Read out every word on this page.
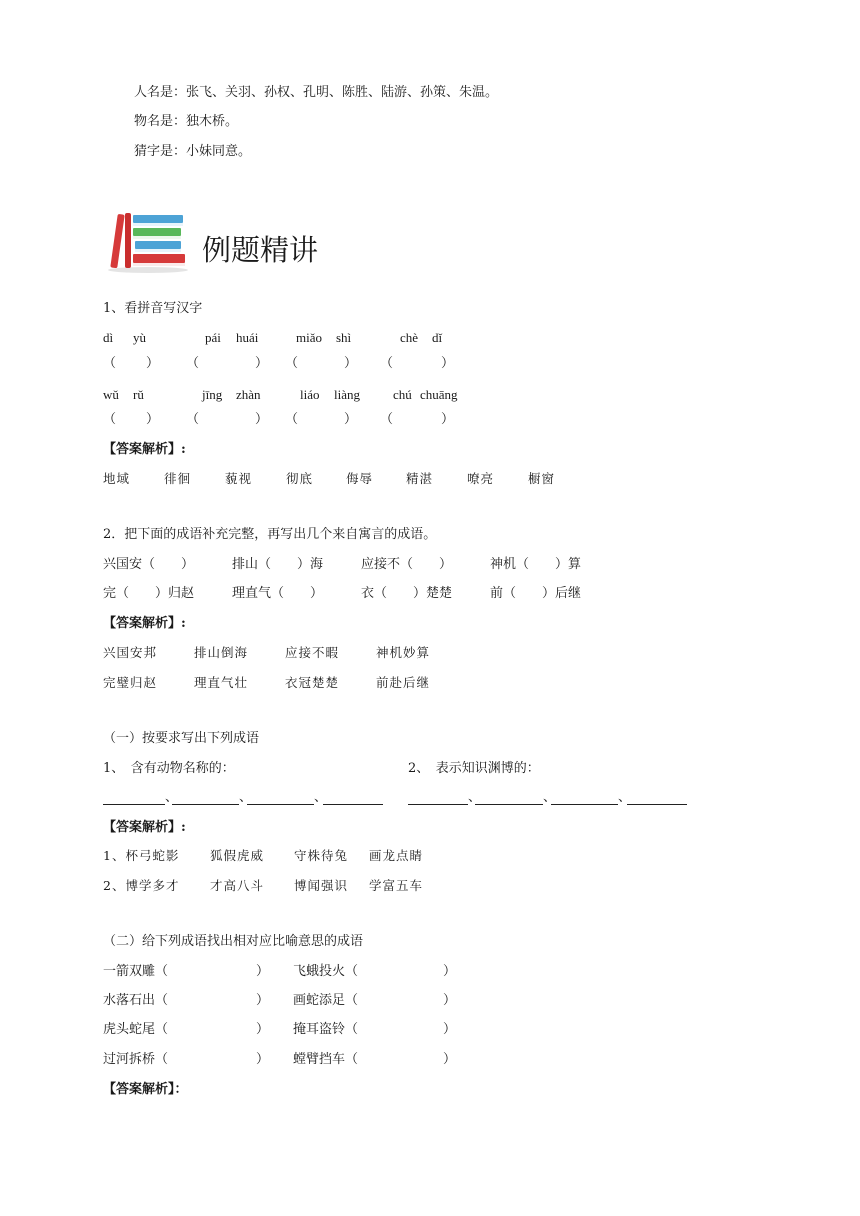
人名是：张飞、关羽、孙权、孔明、陈胜、陆游、孙策、朱温。
物名是：独木桥。
猜字是：小妹同意。
例题精讲
1、看拼音写汉字
dì yù	pái huái	miǎo shì	chè dǐ
（ ） （	） （	） （	）
wǔ rǔ	jīng zhàn	liáo liàng	chú chuāng
（ ） （	） （	） （	）
【答案解析】:
地域	徘徊	藐视	彻底	侮辱	精湛	嘹亮	橱窗
2．把下面的成语补充完整，再写出几个来自寓言的成语。
兴国安（　　）	排山（　　）海	应接不（　　）	神机（　　）算
完（　　）归赵	理直气（　　）	衣（　　）楚楚	前（　　）后继
【答案解析】:
兴国安邦	排山倒海	应接不暇	神机妙算
完璧归赵	理直气壮	衣冠楚楚	前赴后继
（一）按要求写出下列成语
1、　含有动物名称的：	2、　表示知识渊博的：
、	、	、	、	、	、
【答案解析】:
1、杯弓蛇影 狐假虎威 守株待兔 画龙点睛
2、博学多才 才高八斗 博闻强识 学富五车
（二）给下列成语找出相对应比喻意思的成语
一箭双雕（	） 飞蛾投火（	）
水落石出（	） 画蛇添足（	）
虎头蛇尾（	） 掩耳盗铃（	）
过河拆桥（	） 螳臂挡车（	）
【答案解析】：
